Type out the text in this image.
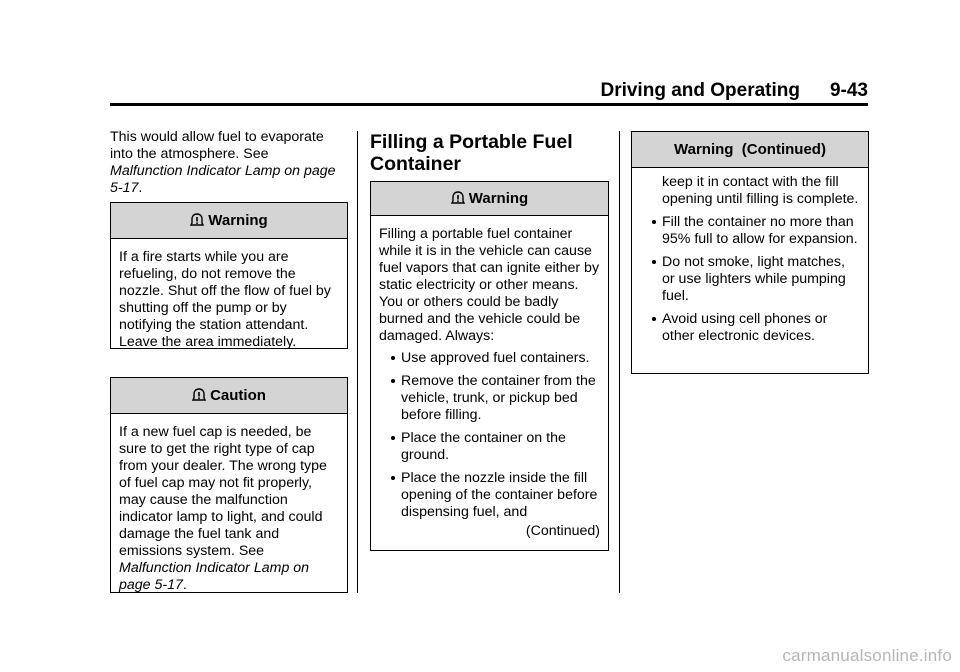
Driving and Operating 9-43

This would allow fuel to evaporate into the atmosphere. See Malfunction Indicator Lamp on page 5-17.

Warning
If a fire starts while you are refueling, do not remove the nozzle. Shut off the flow of fuel by shutting off the pump or by notifying the station attendant. Leave the area immediately.
Caution
If a new fuel cap is needed, be sure to get the right type of cap from your dealer. The wrong type of fuel cap may not fit properly, may cause the malfunction indicator lamp to light, and could damage the fuel tank and emissions system. See Malfunction Indicator Lamp on page 5-17.
Filling a Portable Fuel Container
Warning
Filling a portable fuel container while it is in the vehicle can cause fuel vapors that can ignite either by static electricity or other means. You or others could be badly burned and the vehicle could be damaged. Always:
Use approved fuel containers.
Remove the container from the vehicle, trunk, or pickup bed before filling.
Place the container on the ground.
Place the nozzle inside the fill opening of the container before dispensing fuel, and
(Continued)
Warning  (Continued)
keep it in contact with the fill opening until filling is complete.
Fill the container no more than 95% full to allow for expansion.
Do not smoke, light matches, or use lighters while pumping fuel.
Avoid using cell phones or other electronic devices.
carmanualsonline.info
